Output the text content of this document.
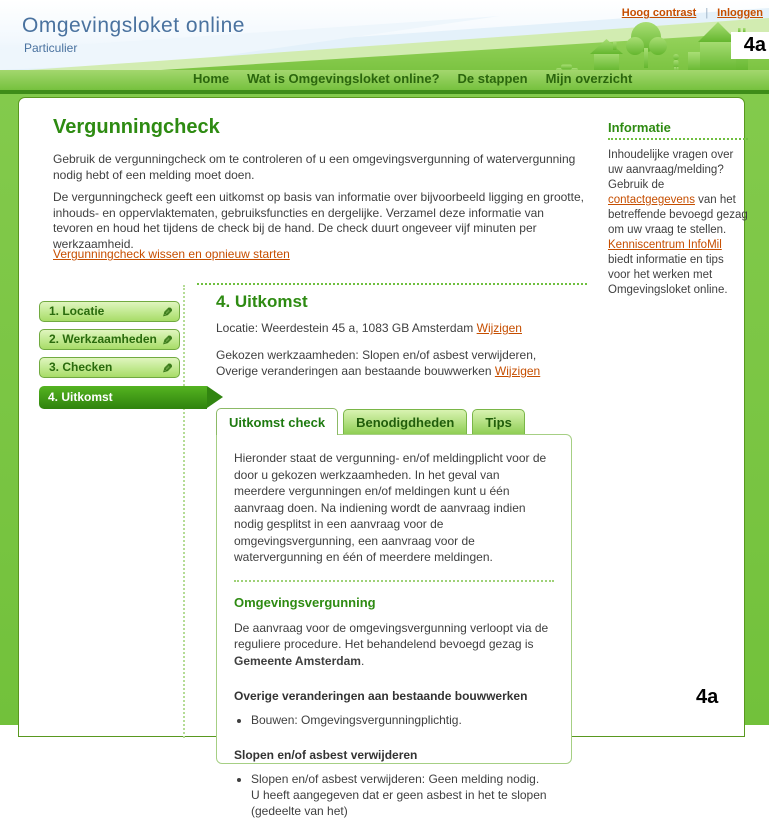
Omgevingsloket online
Particulier
Hoog contrast | Inloggen
Home Wat is Omgevingsloket online? De stappen Mijn overzicht
Vergunningcheck

Gebruik de vergunningcheck om te controleren of u een omgevingsvergunning of watervergunning nodig hebt of een melding moet doen.

De vergunningcheck geeft een uitkomst op basis van informatie over bijvoorbeeld ligging en grootte, inhouds- en oppervlaktematen, gebruiksfuncties en dergelijke. Verzamel deze informatie van tevoren en houd het tijdens de check bij de hand. De check duurt ongeveer vijf minuten per werkzaamheid.

Vergunningcheck wissen en opnieuw starten
Informatie
Inhoudelijke vragen over uw aanvraag/melding? Gebruik de contactgegevens van het betreffende bevoegd gezag om uw vraag te stellen. Kenniscentrum InfoMil biedt informatie en tips voor het werken met Omgevingsloket online.
1. Locatie	✎
2. Werkzaamheden ✎
3. Checken	✎
4. Uitkomst
4. Uitkomst
Locatie: Weerdestein 45 a, 1083 GB Amsterdam Wijzigen
Gekozen werkzaamheden: Slopen en/of asbest verwijderen, Overige veranderingen aan bestaande bouwwerken Wijzigen
Uitkomst check	Benodigdheden	Tips

Hieronder staat de vergunning- en/of meldingplicht voor de door u gekozen werkzaamheden. In het geval van meerdere vergunningen en/of meldingen kunt u één aanvraag doen. Na indiening wordt de aanvraag indien nodig gesplitst in een aanvraag voor de omgevingsvergunning, een aanvraag voor de watervergunning en één of meerdere meldingen.

Omgevingsvergunning

De aanvraag voor de omgevingsvergunning verloopt via de reguliere procedure. Het behandelend bevoegd gezag is Gemeente Amsterdam.

Overige veranderingen aan bestaande bouwwerken
• Bouwen: Omgevingsvergunningplichtig.
Slopen en/of asbest verwijderen
• Slopen en/of asbest verwijderen: Geen melding nodig.
U heeft aangegeven dat er geen asbest in het te slopen (gedeelte van het)
4a
4a
